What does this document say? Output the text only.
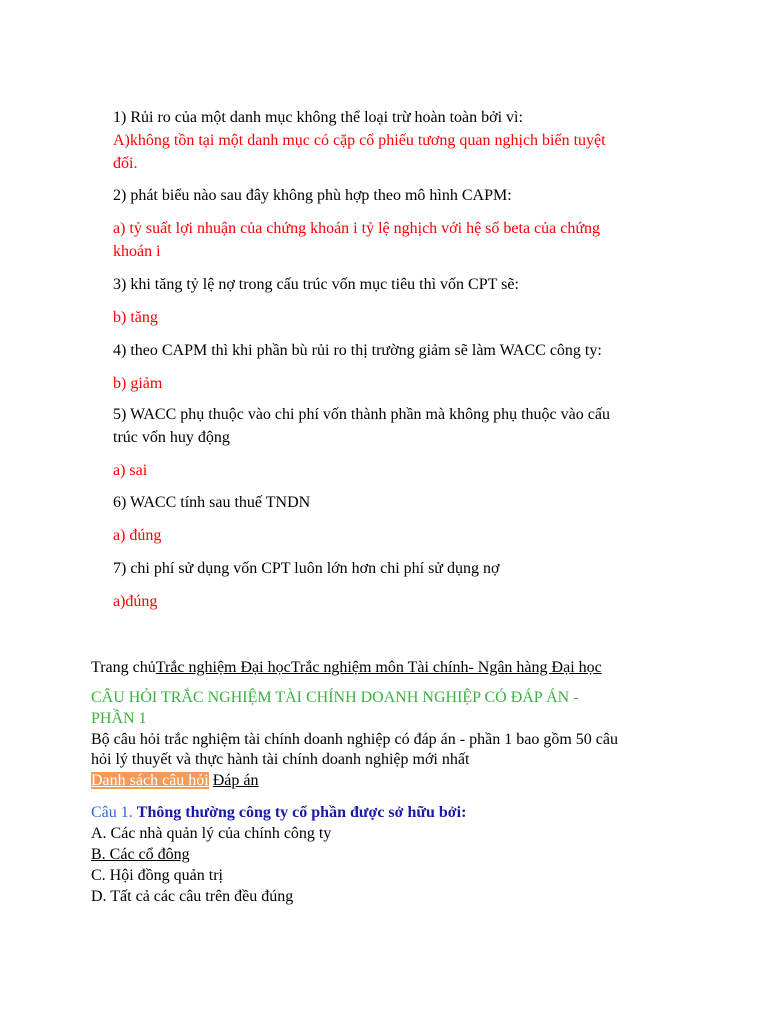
1) Rủi ro của một danh mục không thể loại trừ hoàn toàn bởi vì:
A)không tồn tại một danh mục có cặp cổ phiếu tương quan nghịch biến tuyệt
đối.
2) phát biểu nào sau đây không phù hợp theo mô hình CAPM:
a) tỷ suất lợi nhuận của chứng khoán i tỷ lệ nghịch với hệ số beta của chứng
khoán i
3) khi tăng tỷ lệ nợ trong cấu trúc vốn mục tiêu thì vốn CPT sẽ:
b) tăng
4) theo CAPM thì khi phần bù rủi ro thị trường giảm sẽ làm WACC công ty:
b) giảm
5) WACC phụ thuộc vào chi phí vốn thành phần mà không phụ thuộc vào cấu
trúc vốn huy động
a) sai
6) WACC tính sau thuế TNDN
a) đúng
7) chi phí sử dụng vốn CPT luôn lớn hơn chi phí sử dụng nợ
a)đúng
Trang chủTrắc nghiệm Đại họcTrắc nghiệm môn Tài chính- Ngân hàng Đại học
CÂU HỎI TRẮC NGHIỆM TÀI CHÍNH DOANH NGHIỆP CÓ ĐÁP ÁN -
PHẦN 1
Bộ câu hỏi trắc nghiệm tài chính doanh nghiệp có đáp án - phần 1 bao gồm 50 câu
hỏi lý thuyết và thực hành tài chính doanh nghiệp mới nhất
Danh sách câu hỏi Đáp án
Câu 1. Thông thường công ty cổ phần được sở hữu bởi:
A. Các nhà quản lý của chính công ty
B. Các cổ đông
C. Hội đồng quản trị
D. Tất cả các câu trên đều đúng
